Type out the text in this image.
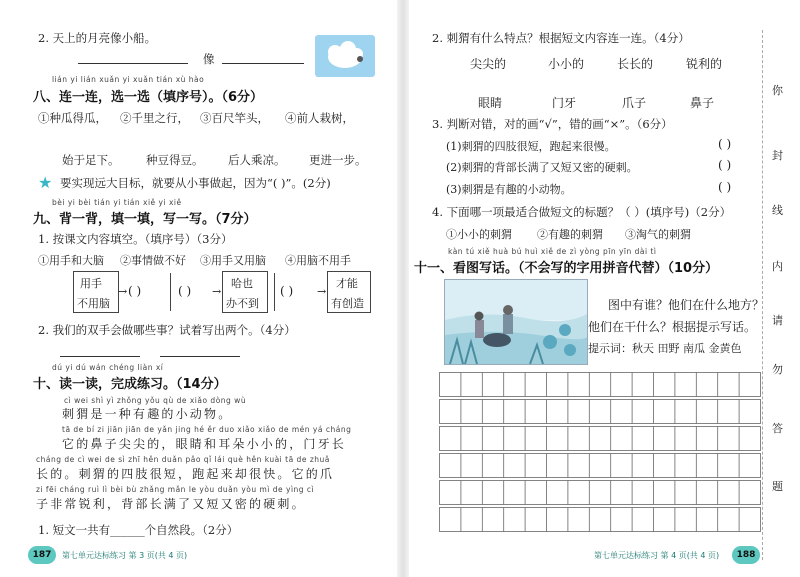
2. 天上的月亮像小船。
像
lián yi lián xuǎn yi xuǎn tián xù hào
八、连一连，选一选（填序号）。（6分）
①种瓜得瓜， ②千里之行， ③百尺竿头， ④前人栽树，
始于足下。 种豆得豆。 后人乘凉。 更进一步。
★ 要实现远大目标，就要从小事做起，因为“( )”。(2分)
bèi yi bèi tián yi tián xiě yi xiě
九、背一背，填一填，写一写。（7分）
1. 按课文内容填空。（填序号）（3分）
①用手和大脑 ②事情做不好 ③用手又用脑 ④用脑不用手
用手
不用脑
→ ( )	( ) →
哈也
办不到
( ) →
才能
有创造
2. 我们的双手会做哪些事？试着写出两个。（4分）
dú yi dú wán chéng liàn xí
十、读一读，完成练习。（14分）
cì wei shì yì zhǒng yǒu qù de xiǎo dòng wù
刺猬是一种有趣的小动物。
tā de bí zi jiān jiān de yǎn jing hé ěr duo xiǎo xiǎo de mén yá cháng
它的鼻子尖尖的，眼睛和耳朵小小的，门牙长
cháng de cì wei de sì zhī hěn duǎn pǎo qǐ lái què hěn kuài tā de zhuǎ
长的。刺猬的四肢很短，跑起来却很快。它的爪
zi fēi cháng ruì lì bèi bù zhǎng mǎn le yòu duǎn yòu mì de yìng cì
子非常锐利，背部长满了又短又密的硬刺。
1. 短文一共有______个自然段。（2分）
187	第七单元达标练习 第 3 页(共 4 页)
2. 刺猬有什么特点？根据短文内容连一连。（4分）
尖尖的	小小的	长长的	锐利的
眼睛	门牙	爪子	鼻子
3. 判断对错，对的画“√”，错的画“×”。（6分）
(1)刺猬的四肢很短，跑起来很慢。	( )
(2)刺猬的背部长满了又短又密的硬刺。	( )
(3)刺猬是有趣的小动物。	( )
4. 下面哪一项最适合做短文的标题？（ ）(填序号)（2分）
①小小的刺猬 ②有趣的刺猬 ③淘气的刺猬
kàn tú xiě huà bú huì xiě de zì yòng pīn yīn dài tì
十一、看图写话。（不会写的字用拼音代替）（10分）
图中有谁？他们在什么地方？
他们在干什么？根据提示写话。
提示词：秋天 田野 南瓜 金黄色
第七单元达标练习 第 4 页(共 4 页)	188
你
封
线
内
请
勿
答
题
